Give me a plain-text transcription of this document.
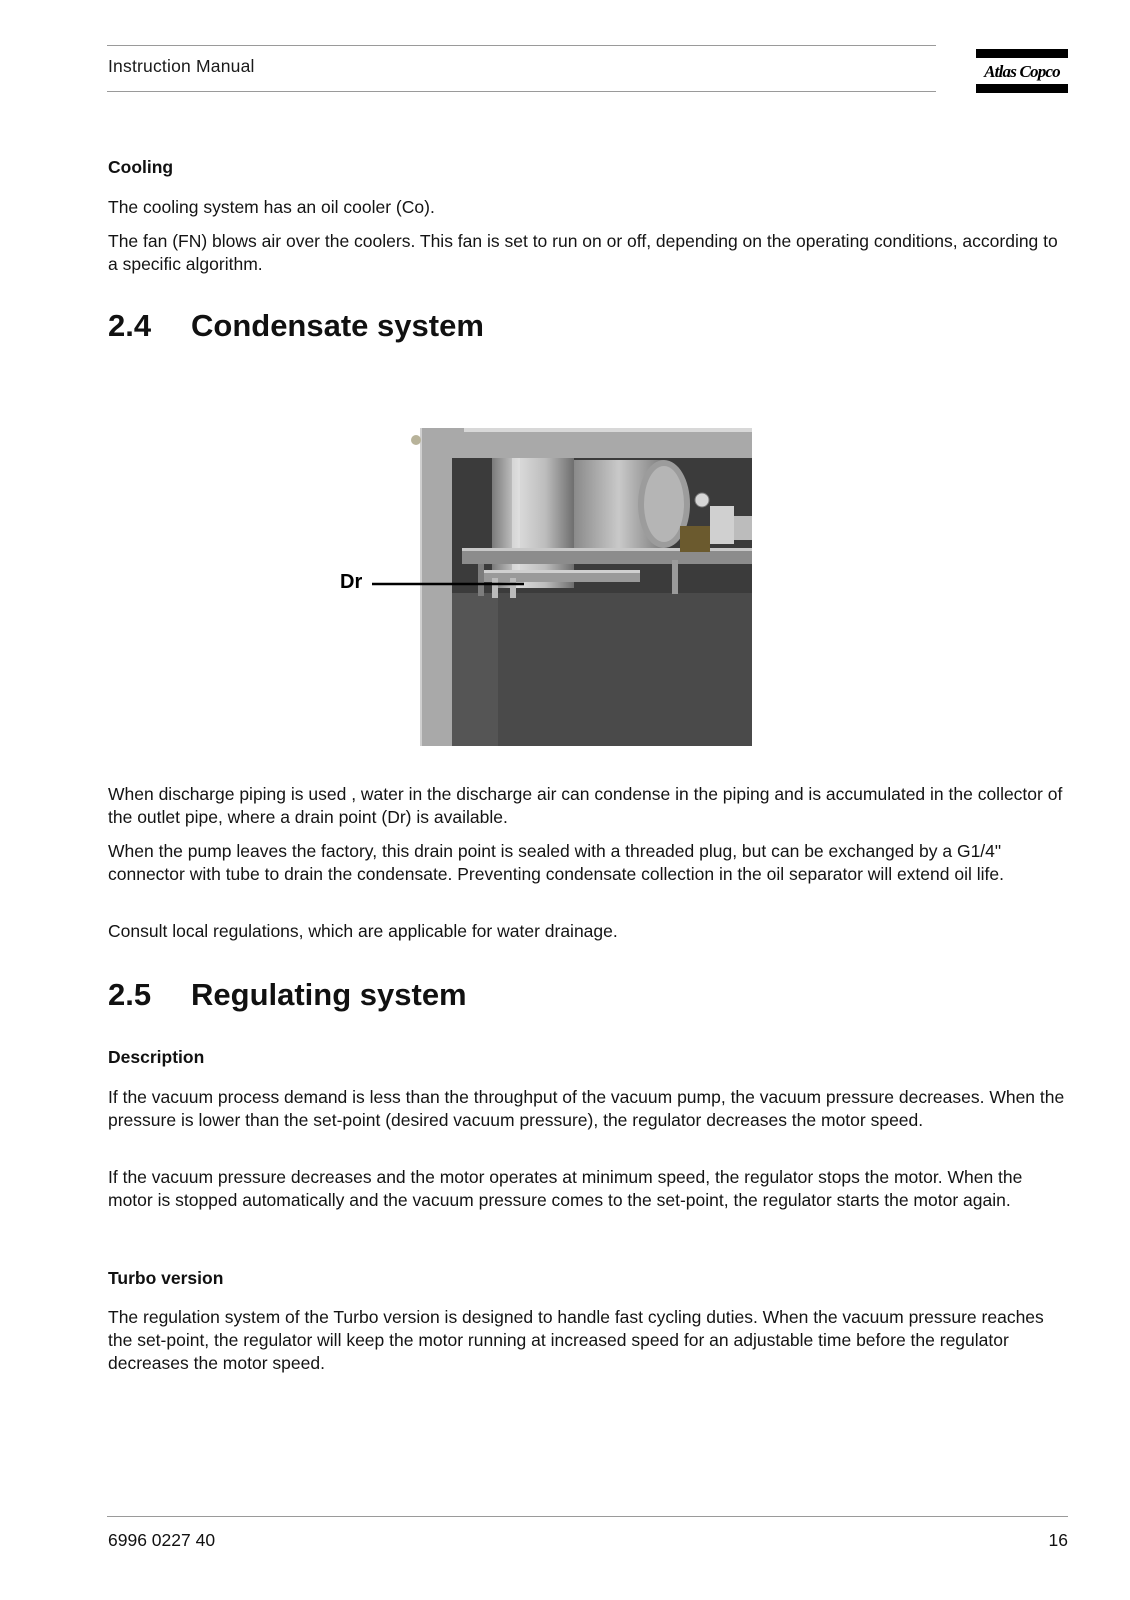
Instruction Manual	Atlas Copco
Cooling
The cooling system has an oil cooler (Co).
The fan (FN) blows air over the coolers. This fan is set to run on or off, depending on the operating conditions, according to a specific algorithm.
2.4 Condensate system
Dr
When discharge piping is used , water in the discharge air can condense in the piping and is accumulated in the collector of the outlet pipe, where a drain point (Dr) is available.
When the pump leaves the factory, this drain point is sealed with a threaded plug, but can be exchanged by a G1/4" connector with tube to drain the condensate. Preventing condensate collection in the oil separator will extend oil life.
Consult local regulations, which are applicable for water drainage.
2.5 Regulating system
Description
If the vacuum process demand is less than the throughput of the vacuum pump, the vacuum pressure decreases. When the pressure is lower than the set-point (desired vacuum pressure), the regulator decreases the motor speed.
If the vacuum pressure decreases and the motor operates at minimum speed, the regulator stops the motor. When the motor is stopped automatically and the vacuum pressure comes to the set-point, the regulator starts the motor again.
Turbo version
The regulation system of the Turbo version is designed to handle fast cycling duties. When the vacuum pressure reaches the set-point, the regulator will keep the motor running at increased speed for an adjustable time before the regulator decreases the motor speed.
6996 0227 40	16
